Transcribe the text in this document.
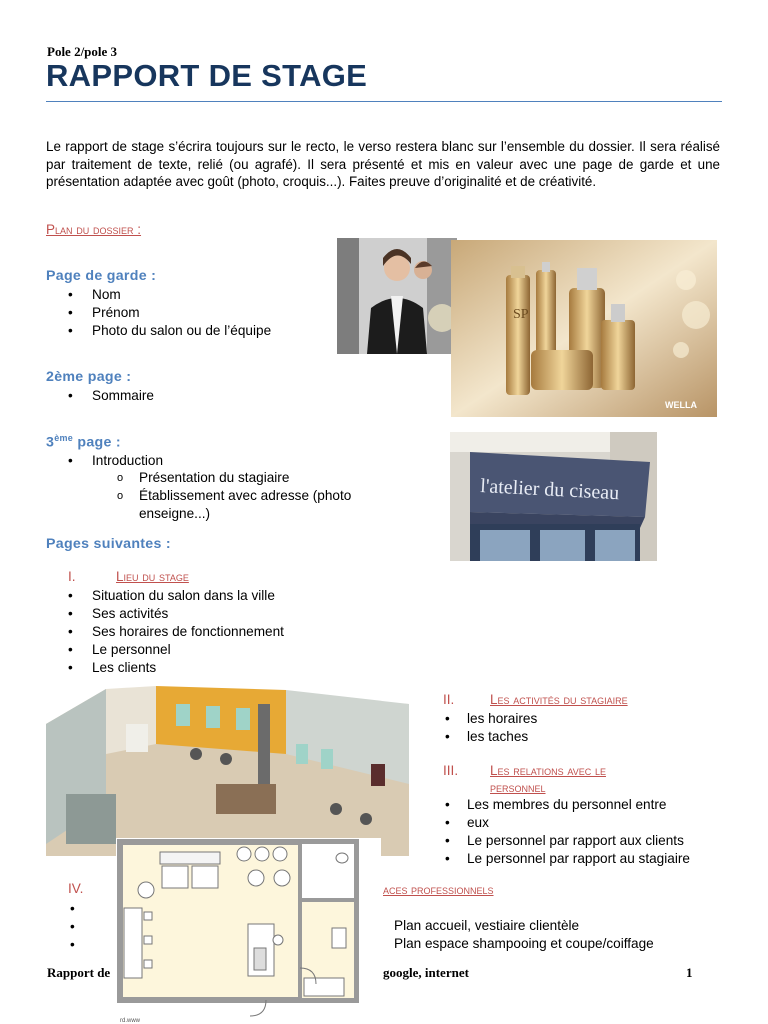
Pole 2/pole 3
RAPPORT DE STAGE
Le rapport de stage s’écrira toujours sur le recto, le verso restera blanc sur l’ensemble du dossier. Il sera réalisé par traitement de texte, relié (ou agrafé). Il sera présenté et mis en valeur avec une page de garde et une présentation adaptée avec goût (photo, croquis...). Faites preuve d’originalité et de créativité.
Plan du dossier :
Page de garde :
• Nom
• Prénom
• Photo du salon ou de l’équipe
2ème page :
• Sommaire
3ème page :
• Introduction
o Présentation du stagiaire
o Établissement avec adresse (photo
enseigne...)
Pages suivantes :
I.	Lieu du stage
• Situation du salon dans la ville
• Ses activités
• Ses horaires de fonctionnement
• Le personnel
• Les clients
II.	Les activités du stagiaire
• les horaires
• les taches
III. Les relations avec le
personnel
• Les membres du personnel entre
• eux
• Le personnel par rapport aux clients
• Le personnel par rapport au stagiaire
IV.	aces professionnels
•
•
•
Plan accueil, vestiaire clientèle
Plan espace shampooing et coupe/coiffage
Rapport de	google, internet	1
SP
WELLA
l'atelier du ciseau
rd.www
